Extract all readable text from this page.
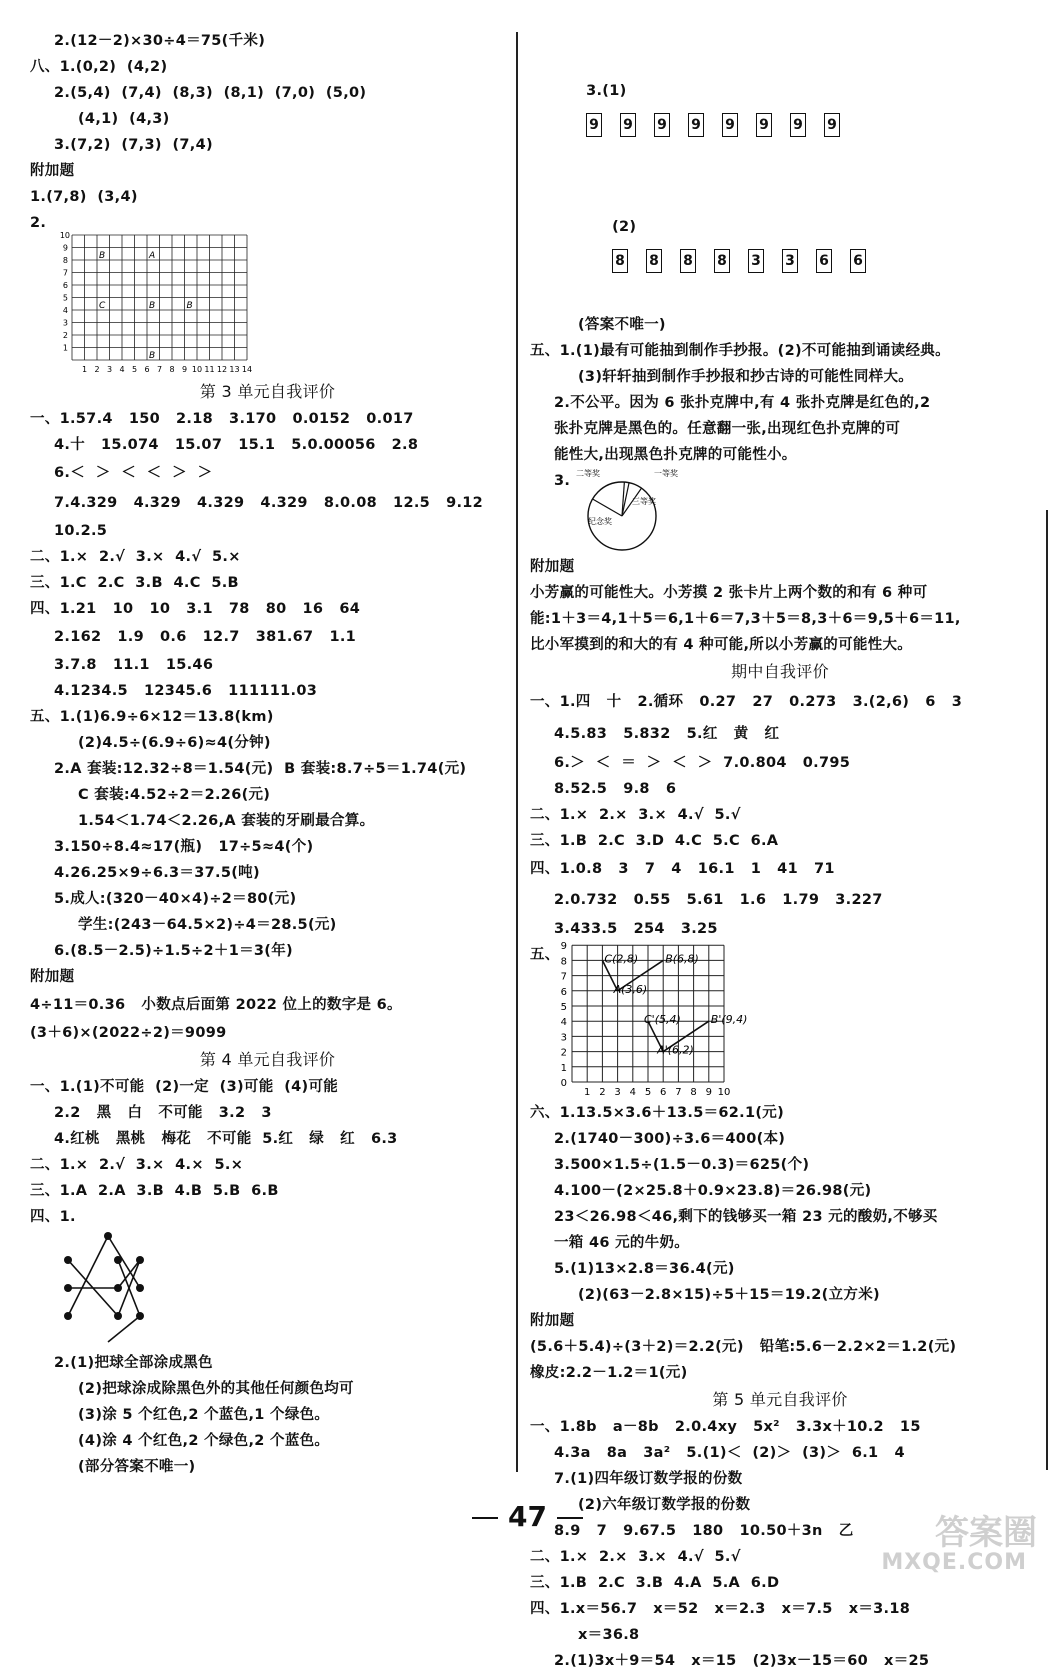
2.(12－2)×30÷4＝75(千米)
八、1.(0,2)  (4,2)
2.(5,4)  (7,4)  (8,3)  (8,1)  (7,0)  (5,0)
(4,1)  (4,3)
3.(7,2)  (7,3)  (7,4)
附加题
1.(7,8)  (3,4)
2.
1 2 3 4 5 6 7 8 9 10 11 12 13 14
1
2
3
4
5
6
7
8
9
10
B	A
C	B	B
B
第 3 单元自我评价
一、1.57.4   150   2.18   3.170   0.0152   0.017
4.十   15.074   15.07   15.1   5.0.00056   2.8
6.＜  ＞  ＜  ＜  ＞  ＞
7.4.329   4.329   4.329   4.329   8.0.08   12.5   9.12
10.2.5
二、1.×  2.√  3.×  4.√  5.×
三、1.C  2.C  3.B  4.C  5.B
四、1.21   10   10   3.1   78   80   16   64
2.162   1.9   0.6   12.7   381.67   1.1
3.7.8   11.1   15.46
4.1234.5   12345.6   111111.03
五、1.(1)6.9÷6×12＝13.8(km)
(2)4.5÷(6.9÷6)≈4(分钟)
2.A 套装:12.32÷8＝1.54(元)  B 套装:8.7÷5＝1.74(元)
C 套装:4.52÷2＝2.26(元)
1.54＜1.74＜2.26,A 套装的牙刷最合算。
3.150÷8.4≈17(瓶)   17÷5≈4(个)
4.26.25×9÷6.3＝37.5(吨)
5.成人:(320－40×4)÷2＝80(元)
学生:(243－64.5×2)÷4＝28.5(元)
6.(8.5－2.5)÷1.5÷2＋1＝3(年)
附加题
4÷11＝0.36   小数点后面第 2022 位上的数字是 6。
(3＋6)×(2022÷2)＝9099
第 4 单元自我评价
一、1.(1)不可能  (2)一定  (3)可能  (4)可能
2.2   黑   白   不可能   3.2   3
4.红桃   黑桃   梅花   不可能  5.红   绿   红   6.3
二、1.×  2.√  3.×  4.×  5.×
三、1.A  2.A  3.B  4.B  5.B  6.B
四、1.
2.(1)把球全部涂成黑色
(2)把球涂成除黑色外的其他任何颜色均可
(3)涂 5 个红色,2 个蓝色,1 个绿色。
(4)涂 4 个红色,2 个绿色,2 个蓝色。
(部分答案不唯一)

3.(1)
9 9 9 9 9 9 9 9

(2)
8 8 8 8 3 3 6 6

(答案不唯一)
五、1.(1)最有可能抽到制作手抄报。(2)不可能抽到诵读经典。
(3)轩轩抽到制作手抄报和抄古诗的可能性同样大。
2.不公平。因为 6 张扑克牌中,有 4 张扑克牌是红色的,2
张扑克牌是黑色的。任意翻一张,出现红色扑克牌的可
能性大,出现黑色扑克牌的可能性小。
3. 二等奖	一等奖
三等奖
纪念奖
附加题
小芳赢的可能性大。小芳摸 2 张卡片上两个数的和有 6 种可
能:1＋3＝4,1＋5＝6,1＋6＝7,3＋5＝8,3＋6＝9,5＋6＝11,
比小军摸到的和大的有 4 种可能,所以小芳赢的可能性大。
期中自我评价
一、1.四   十   2.循环   0.27   27   0.273   3.(2,6)   6   3
4.5.83   5.832   5.红   黄   红
6.＞  ＜  ＝  ＞  ＜  ＞  7.0.804   0.795
8.52.5   9.8   6
二、1.×  2.×  3.×  4.√  5.√
三、1.B  2.C  3.D  4.C  5.C  6.A
四、1.0.8   3   7   4   16.1   1   41   71
2.0.732   0.55   5.61   1.6   1.79   3.227
3.433.5   254   3.25
五、
1 2 3 4 5 6 7 8 9 10
1
2
3
4
5
6
7
8
9
0
C(2,8) B(6,8)
A(3,6)
C'(5,4)	B'(9,4)
A'(6,2)
六、1.13.5×3.6＋13.5＝62.1(元)
2.(1740－300)÷3.6＝400(本)
3.500×1.5÷(1.5－0.3)＝625(个)
4.100－(2×25.8＋0.9×23.8)＝26.98(元)
23＜26.98＜46,剩下的钱够买一箱 23 元的酸奶,不够买
一箱 46 元的牛奶。
5.(1)13×2.8＝36.4(元)
(2)(63－2.8×15)÷5＋15＝19.2(立方米)
附加题
(5.6＋5.4)÷(3＋2)＝2.2(元)   铅笔:5.6－2.2×2＝1.2(元)
橡皮:2.2－1.2＝1(元)
第 5 单元自我评价
一、1.8b   a－8b   2.0.4xy   5x²   3.3x＋10.2   15
4.3a   8a   3a²   5.(1)＜  (2)＞  (3)＞  6.1   4
7.(1)四年级订数学报的份数
(2)六年级订数学报的份数
8.9   7   9.67.5   180   10.50＋3n   乙
二、1.×  2.×  3.×  4.√  5.√
三、1.B  2.C  3.B  4.A  5.A  6.D
四、1.x＝56.7   x＝52   x＝2.3   x＝7.5   x＝3.18
x＝36.8
2.(1)3x＋9＝54   x＝15   (2)3x－15＝60   x＝25
47	答案圈
MXQE.COM
